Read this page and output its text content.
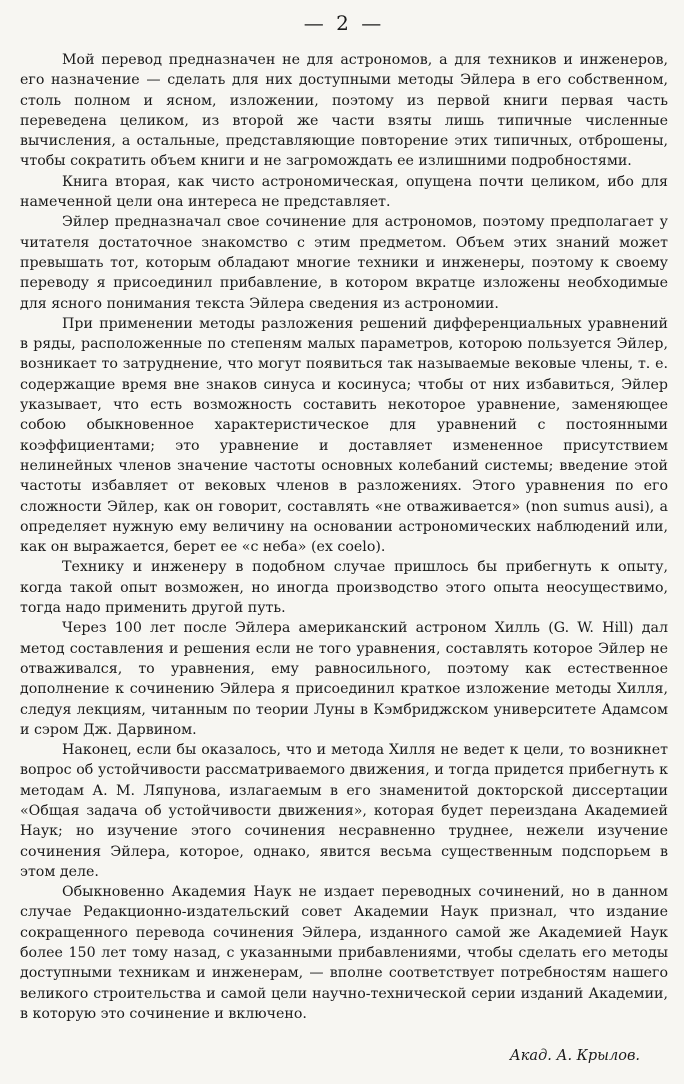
— 2 —

Мой перевод предназначен не для астрономов, а для техников и инженеров, его назначение — сделать для них доступными методы Эйлера в его собственном, столь полном и ясном, изложении, поэтому из первой книги первая часть переведена целиком, из второй же части взяты лишь типичные численные вычисления, а остальные, представляющие повторение этих типичных, отброшены, чтобы сократить объем книги и не загромождать ее излишними подробностями.

Книга вторая, как чисто астрономическая, опущена почти целиком, ибо для намеченной цели она интереса не представляет.

Эйлер предназначал свое сочинение для астрономов, поэтому предполагает у читателя достаточное знакомство с этим предметом. Объем этих знаний может превышать тот, которым обладают многие техники и инженеры, поэтому к своему переводу я присоединил прибавление, в котором вкратце изложены необходимые для ясного понимания текста Эйлера сведения из астрономии.

При применении методы разложения решений дифференциальных уравнений в ряды, расположенные по степеням малых параметров, которою пользуется Эйлер, возникает то затруднение, что могут появиться так называемые вековые члены, т. е. содержащие время вне знаков синуса и косинуса; чтобы от них избавиться, Эйлер указывает, что есть возможность составить некоторое уравнение, заменяющее собою обыкновенное характеристическое для уравнений с постоянными коэффициентами; это уравнение и доставляет измененное присутствием нелинейных членов значение частоты основных колебаний системы; введение этой частоты избавляет от вековых членов в разложениях. Этого уравнения по его сложности Эйлер, как он говорит, составлять «не отваживается» (non sumus ausi), а определяет нужную ему величину на основании астрономических наблюдений или, как он выражается, берет ее «с неба» (ex coelo).

Технику и инженеру в подобном случае пришлось бы прибегнуть к опыту, когда такой опыт возможен, но иногда производство этого опыта неосуществимо, тогда надо применить другой путь.

Через 100 лет после Эйлера американский астроном Хилль (G. W. Hill) дал метод составления и решения если не того уравнения, составлять которое Эйлер не отваживался, то уравнения, ему равносильного, поэтому как естественное дополнение к сочинению Эйлера я присоединил краткое изложение методы Хилля, следуя лекциям, читанным по теории Луны в Кэмбриджском университете Адамсом и сэром Дж. Дарвином.

Наконец, если бы оказалось, что и метода Хилля не ведет к цели, то возникнет вопрос об устойчивости рассматриваемого движения, и тогда придется прибегнуть к методам А. М. Ляпунова, излагаемым в его знаменитой докторской диссертации «Общая задача об устойчивости движения», которая будет переиздана Академией Наук; но изучение этого сочинения несравненно труднее, нежели изучение сочинения Эйлера, которое, однако, явится весьма существенным подспорьем в этом деле.

Обыкновенно Академия Наук не издает переводных сочинений, но в данном случае Редакционно-издательский совет Академии Наук признал, что издание сокращенного перевода сочинения Эйлера, изданного самой же Академией Наук более 150 лет тому назад, с указанными прибавлениями, чтобы сделать его методы доступными техникам и инженерам, — вполне соответствует потребностям нашего великого строительства и самой цели научно-технической серии изданий Академии, в которую это сочинение и включено.

Акад. А. Крылов.
